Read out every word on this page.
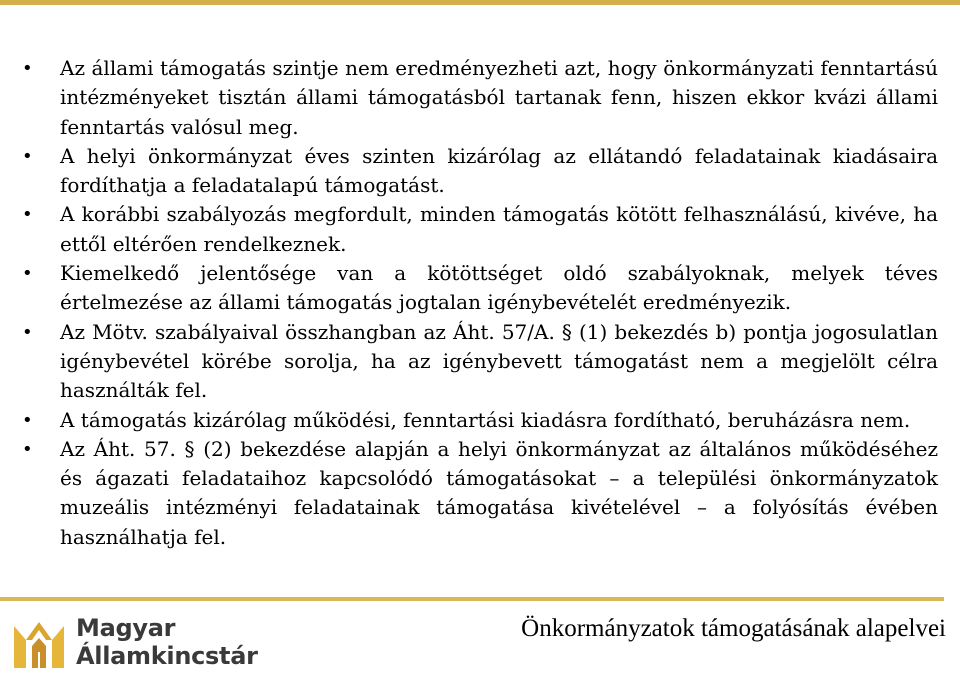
• Az állami támogatás szintje nem eredményezheti azt, hogy önkormányzati fenntartású intézményeket tisztán állami támogatásból tartanak fenn, hiszen ekkor kvázi állami fenntartás valósul meg.
• A helyi önkormányzat éves szinten kizárólag az ellátandó feladatainak kiadásaira fordíthatja a feladatalapú támogatást.
• A korábbi szabályozás megfordult, minden támogatás kötött felhasználású, kivéve, ha ettől eltérően rendelkeznek.
• Kiemelkedő jelentősége van a kötöttséget oldó szabályoknak, melyek téves értelmezése az állami támogatás jogtalan igénybevételét eredményezik.
• Az Mötv. szabályaival összhangban az Áht. 57/A. § (1) bekezdés b) pontja jogosulatlan igénybevétel körébe sorolja, ha az igénybevett támogatást nem a megjelölt célra használták fel.
• A támogatás kizárólag működési, fenntartási kiadásra fordítható, beruházásra nem.
• Az Áht. 57. § (2) bekezdése alapján a helyi önkormányzat az általános működéséhez és ágazati feladataihoz kapcsolódó támogatásokat – a települési önkormányzatok muzeális intézményi feladatainak támogatása kivételével – a folyósítás évében használhatja fel.
Magyar
Államkincstár
Önkormányzatok támogatásának alapelvei
